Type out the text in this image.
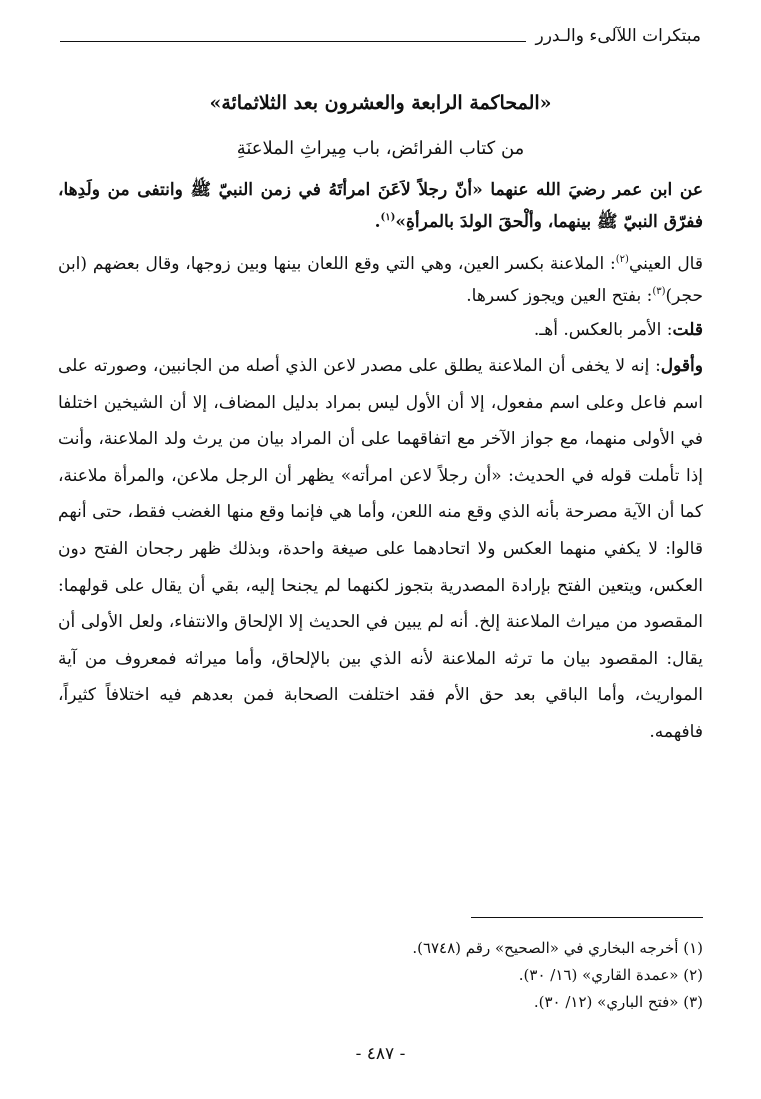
مبتكرات اللآلىء والـدرر
«المحاكمة الرابعة والعشرون بعد الثلاثمائة»
من كتاب الفرائض، باب مِيراثِ الملاعنَةِ

عن ابن عمر رضيَ الله عنهما «أنّ رجلاً لاَعَنَ امرأتَهُ في زمن النبيّ ﷺ وانتفى من ولَدِها، ففرّق النبيّ ﷺ بينهما، وألْحقَ الولدَ بالمرأةِ»$^{(١)}$.

قال العيني$^{(٢)}$: الملاعنة بكسر العين، وهي التي وقع اللعان بينها وبين زوجها، وقال بعضهم (ابن حجر)$^{(٣)}$: بفتح العين ويجوز كسرها.

قلت: الأمر بالعكس. أهـ.

وأقول: إنه لا يخفى أن الملاعنة يطلق على مصدر لاعن الذي أصله من الجانبين، وصورته على اسم فاعل وعلى اسم مفعول، إلا أن الأول ليس بمراد بدليل المضاف، إلا أن الشيخين اختلفا في الأولى منهما، مع جواز الآخر مع اتفاقهما على أن المراد بيان من يرث ولد الملاعنة، وأنت إذا تأملت قوله في الحديث: «أن رجلاً لاعن امرأته» يظهر أن الرجل ملاعن، والمرأة ملاعنة، كما أن الآية مصرحة بأنه الذي وقع منه اللعن، وأما هي فإنما وقع منها الغضب فقط، حتى أنهم قالوا: لا يكفي منهما العكس ولا اتحادهما على صيغة واحدة، وبذلك ظهر رجحان الفتح دون العكس، ويتعين الفتح بإرادة المصدرية بتجوز لكنهما لم يجنحا إليه، بقي أن يقال على قولهما: المقصود من ميراث الملاعنة إلخ. أنه لم يبين في الحديث إلا الإلحاق والانتفاء، ولعل الأولى أن يقال: المقصود بيان ما ترثه الملاعنة لأنه الذي بين بالإلحاق، وأما ميراثه فمعروف من آية المواريث، وأما الباقي بعد حق الأم فقد اختلفت الصحابة فمن بعدهم فيه اختلافاً كثيراً، فافهمه.

(١) أخرجه البخاري في «الصحيح» رقم (٦٧٤٨).
(٢) «عمدة القاري» (١٦/ ٣٠).
(٣) «فتح الباري» (١٢/ ٣٠).
- ٤٨٧ -
